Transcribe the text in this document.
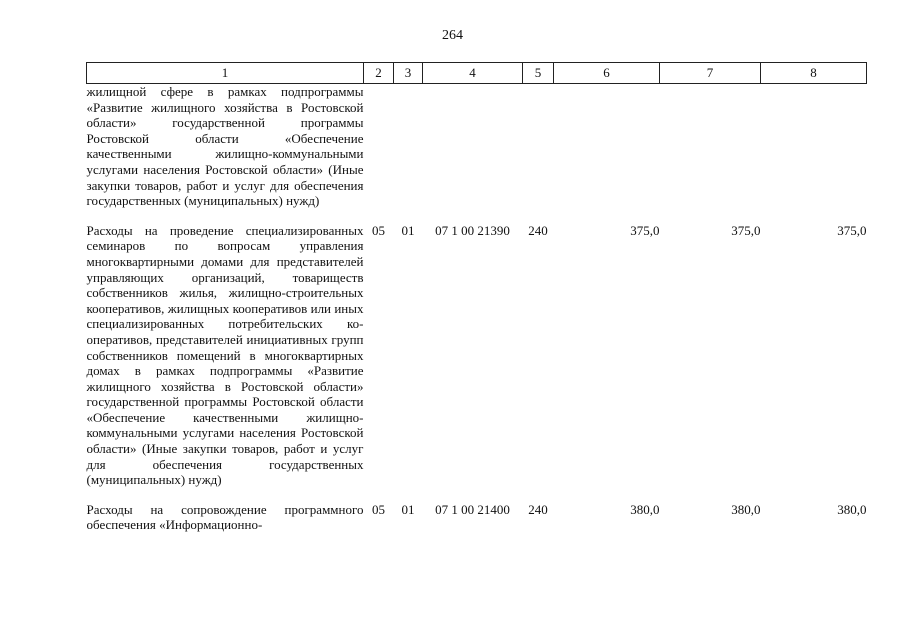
264
1	2	3	4	5	6	7	8
жилищной сфере в рамках подпрограммы «Развитие жилищного хозяйства в Ростовской области» государственной программы Ростовской области «Обеспечение качественными жилищно-коммунальными услугами населения Ростовской области» (Иные закупки товаров, работ и услуг для обеспечения государственных (муниципальных) нужд)							
Расходы на проведение специализированных семинаров по вопросам управления многоквартирными домами для представителей управляющих организаций, товариществ собственников жилья, жилищно-строительных кооперативов, жилищных кооперативов или иных специализированных потребительских кооперативов, представителей инициативных групп собственников помещений в многоквартирных домах в рамках подпрограммы «Развитие жилищного хозяйства в Ростовской области» государственной программы Ростовской области «Обеспечение качественными жилищно-коммунальными услугами населения Ростовской области» (Иные закупки товаров, работ и услуг для обеспечения государственных (муниципальных) нужд)	05	01	07 1 00 21390	240	375,0	375,0	375,0
Расходы на сопровождение программного обеспечения «Информационно-	05	01	07 1 00 21400	240	380,0	380,0	380,0
